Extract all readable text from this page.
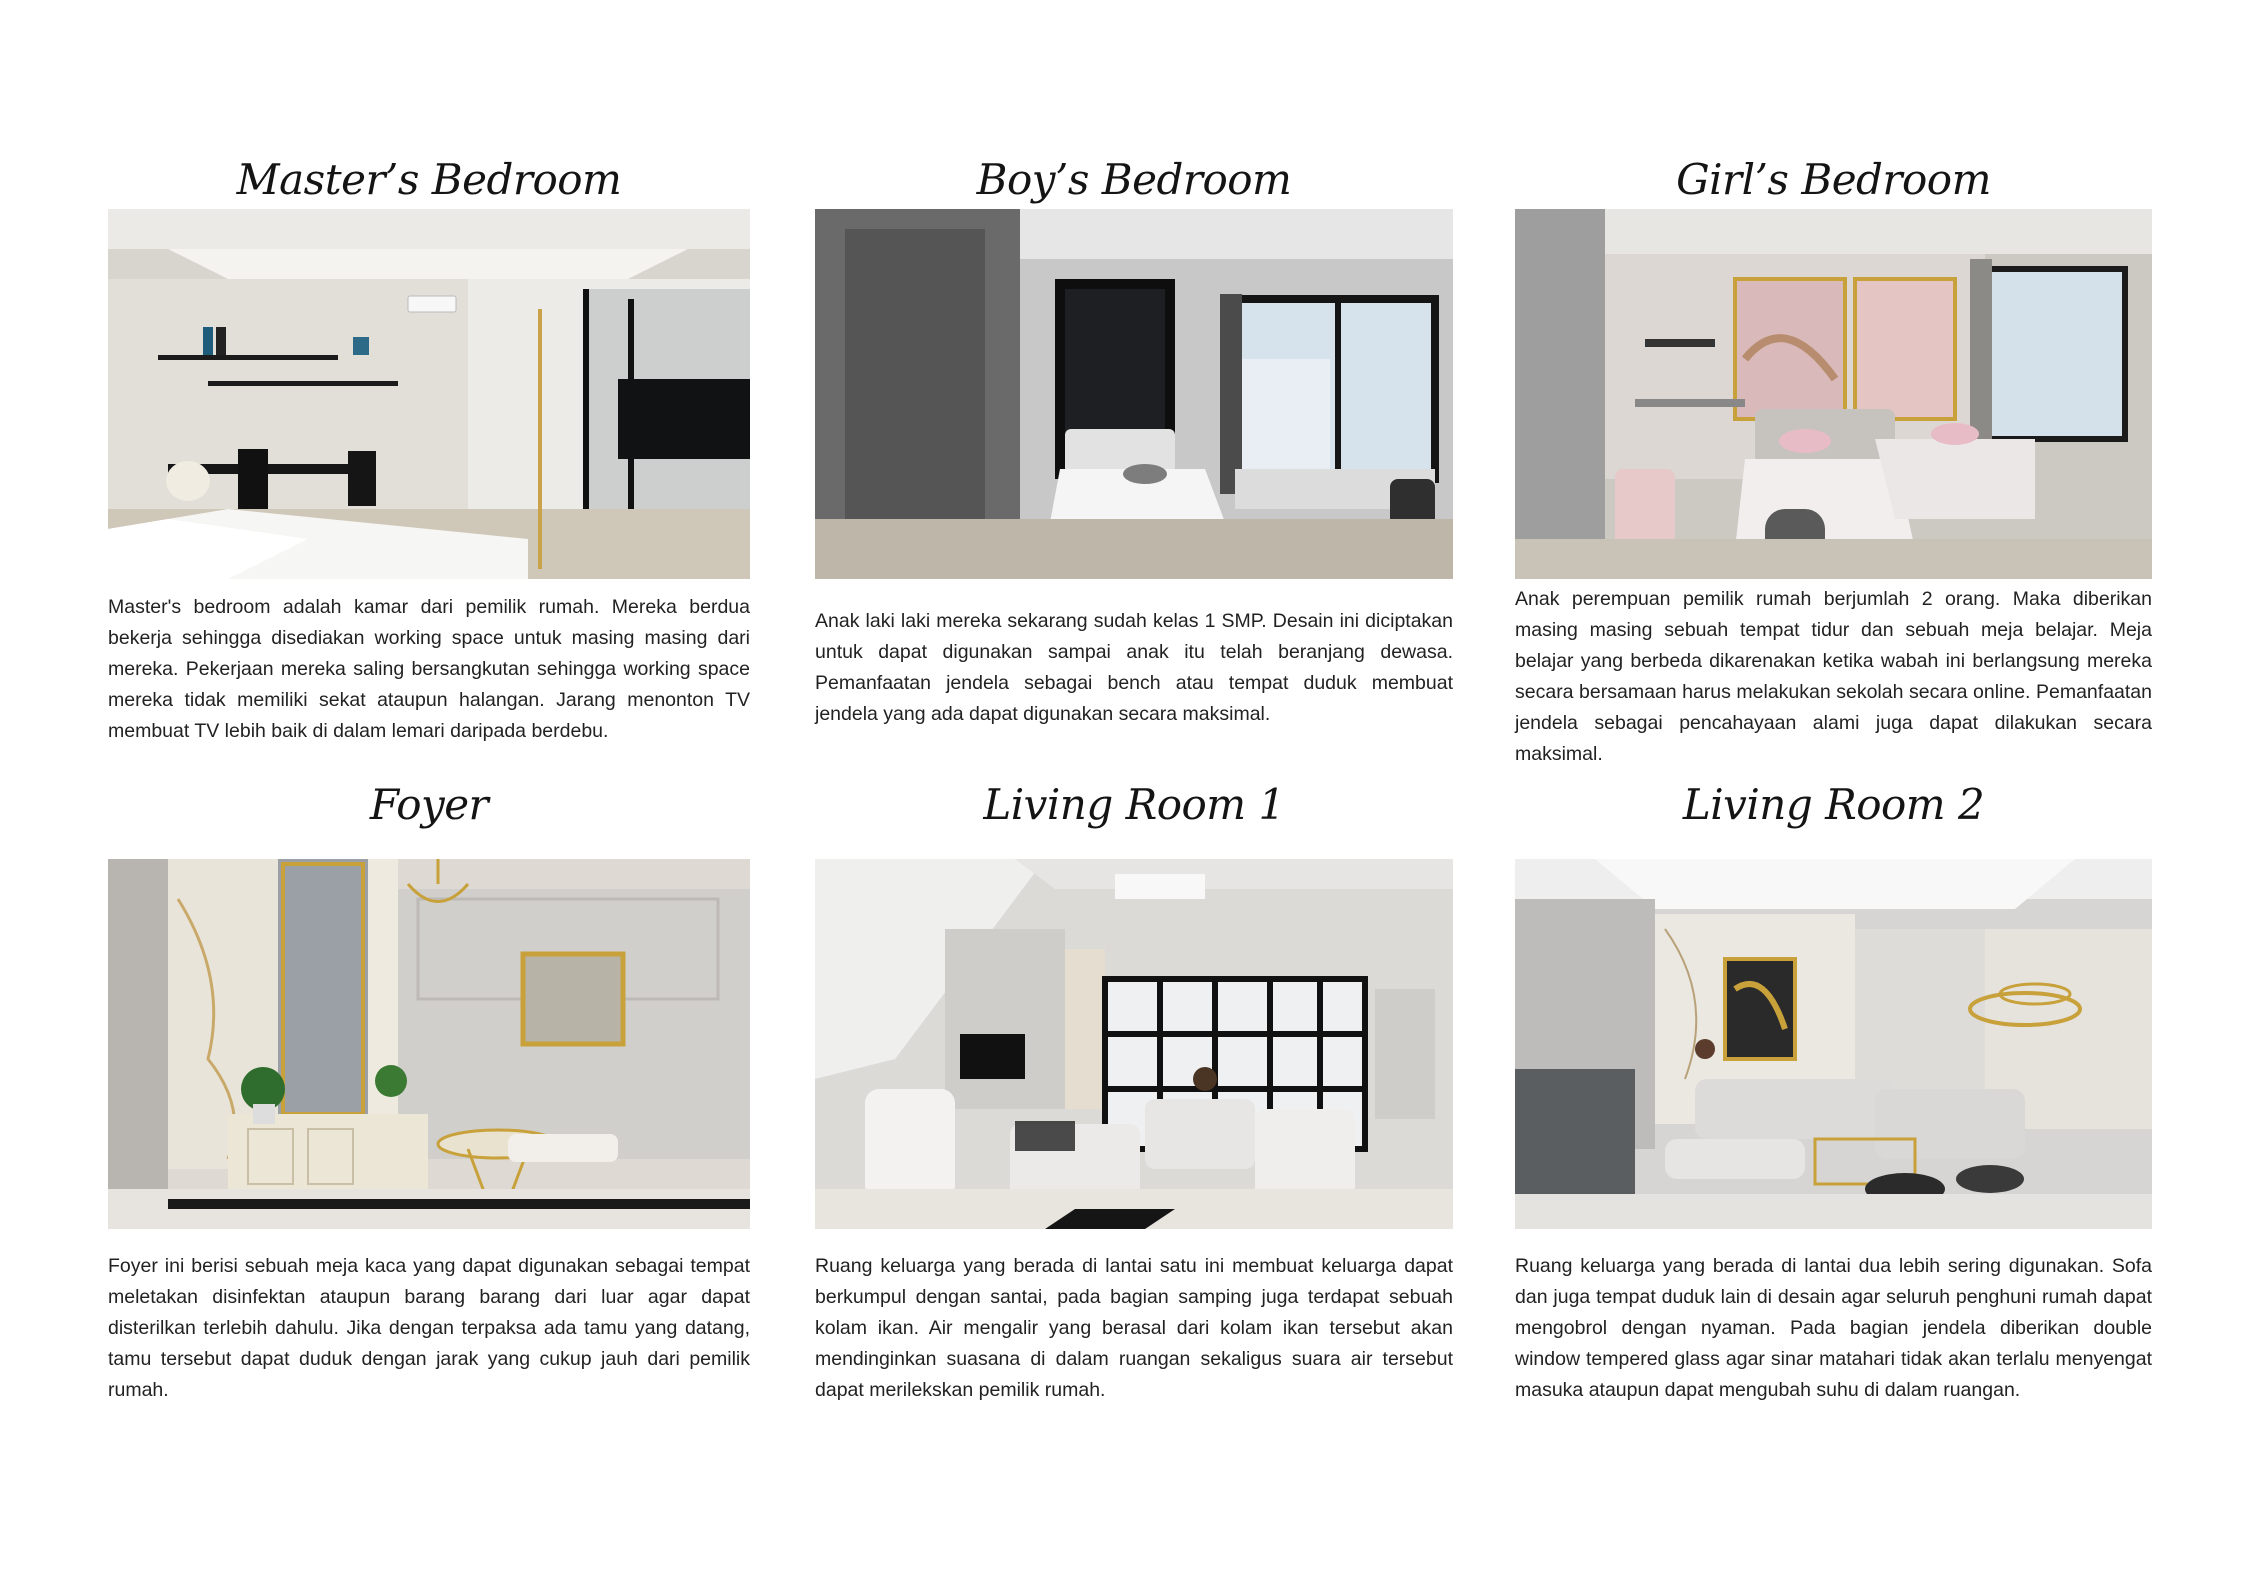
Master’s Bedroom
Master's bedroom adalah kamar dari pemilik rumah. Mereka berdua bekerja sehingga disediakan working space untuk masing masing dari mereka. Pekerjaan mereka saling bersangkutan sehingga working space mereka tidak memiliki sekat ataupun halangan. Jarang menonton TV membuat TV lebih baik di dalam lemari daripada berdebu.
Boy’s Bedroom
Anak laki laki mereka sekarang sudah kelas 1 SMP. Desain ini diciptakan untuk dapat digunakan sampai anak itu telah beranjang dewasa. Pemanfaatan jendela sebagai bench atau tempat duduk membuat jendela yang ada dapat digunakan secara maksimal.
Girl’s Bedroom
Anak perempuan pemilik rumah berjumlah 2 orang. Maka diberikan masing masing sebuah tempat tidur dan sebuah meja belajar. Meja belajar yang berbeda dikarenakan ketika wabah ini berlangsung mereka secara bersamaan harus melakukan sekolah secara online. Pemanfaatan jendela sebagai pencahayaan alami juga dapat dilakukan secara maksimal.
Foyer
Foyer ini berisi sebuah meja kaca yang dapat digunakan sebagai tempat meletakan disinfektan ataupun barang barang dari luar agar dapat disterilkan terlebih dahulu. Jika dengan terpaksa ada tamu yang datang, tamu tersebut dapat duduk dengan jarak yang cukup jauh dari pemilik rumah.
Living Room 1
Ruang keluarga yang berada di lantai satu ini membuat keluarga dapat berkumpul dengan santai, pada bagian samping juga terdapat sebuah kolam ikan. Air mengalir yang berasal dari kolam ikan tersebut akan mendinginkan suasana di dalam ruangan sekaligus suara air tersebut dapat merilekskan pemilik rumah.
Living Room 2
Ruang keluarga yang berada di lantai dua lebih sering digunakan. Sofa dan juga tempat duduk lain di desain agar seluruh penghuni rumah dapat mengobrol dengan nyaman. Pada bagian jendela diberikan double window tempered glass agar sinar matahari tidak akan terlalu menyengat masuka ataupun dapat mengubah suhu di dalam ruangan.
